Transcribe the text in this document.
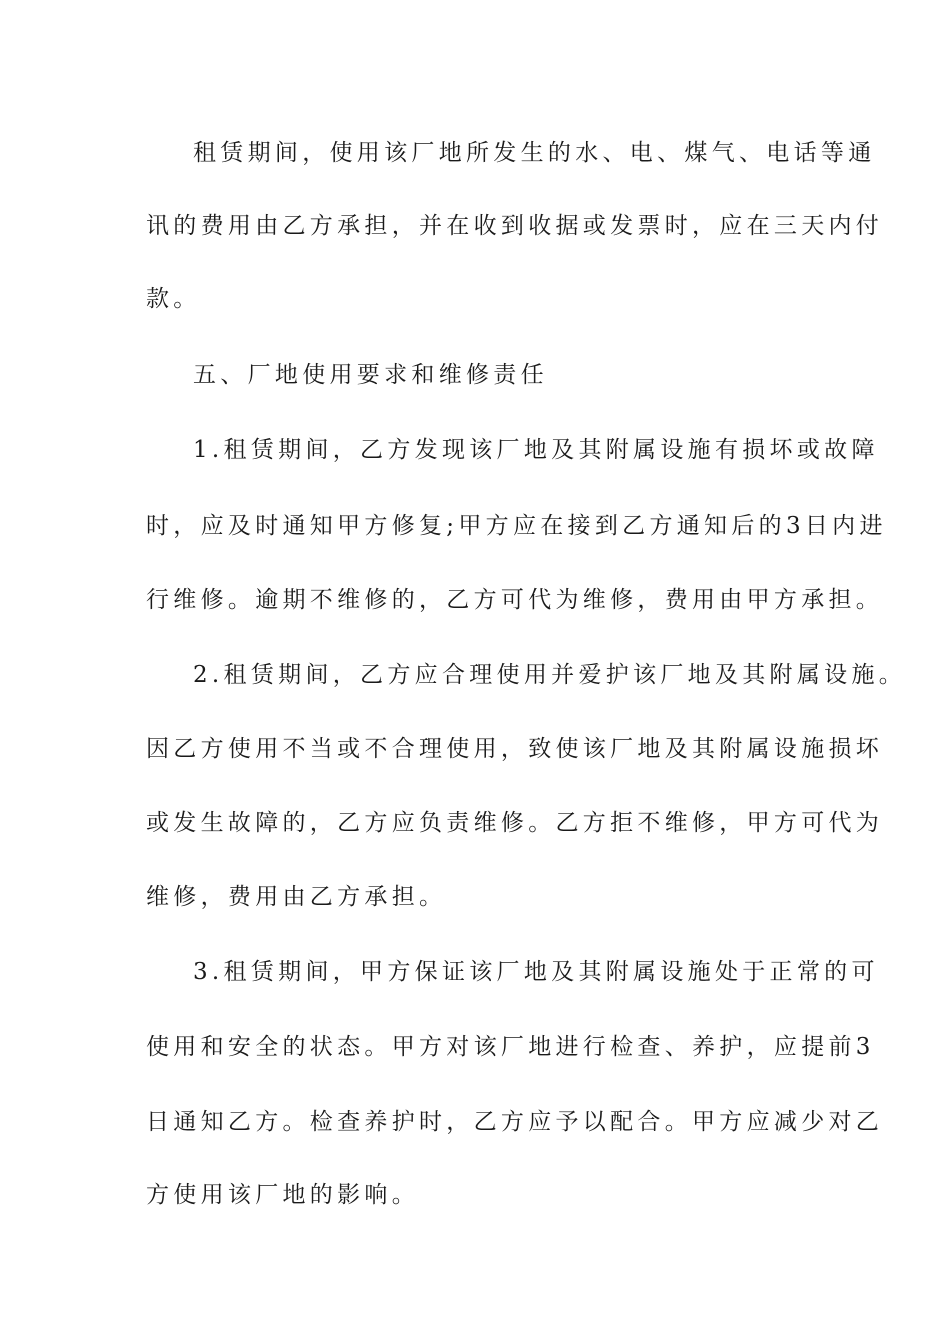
租赁期间，使用该厂地所发生的水、电、煤气、电话等通
讯的费用由乙方承担，并在收到收据或发票时，应在三天内付
款。
五、厂地使用要求和维修责任
1.租赁期间，乙方发现该厂地及其附属设施有损坏或故障
时，应及时通知甲方修复;甲方应在接到乙方通知后的3日内进
行维修。逾期不维修的，乙方可代为维修，费用由甲方承担。
2.租赁期间，乙方应合理使用并爱护该厂地及其附属设施。
因乙方使用不当或不合理使用，致使该厂地及其附属设施损坏
或发生故障的，乙方应负责维修。乙方拒不维修，甲方可代为
维修，费用由乙方承担。
3.租赁期间，甲方保证该厂地及其附属设施处于正常的可
使用和安全的状态。甲方对该厂地进行检查、养护，应提前3
日通知乙方。检查养护时，乙方应予以配合。甲方应减少对乙
方使用该厂地的影响。
